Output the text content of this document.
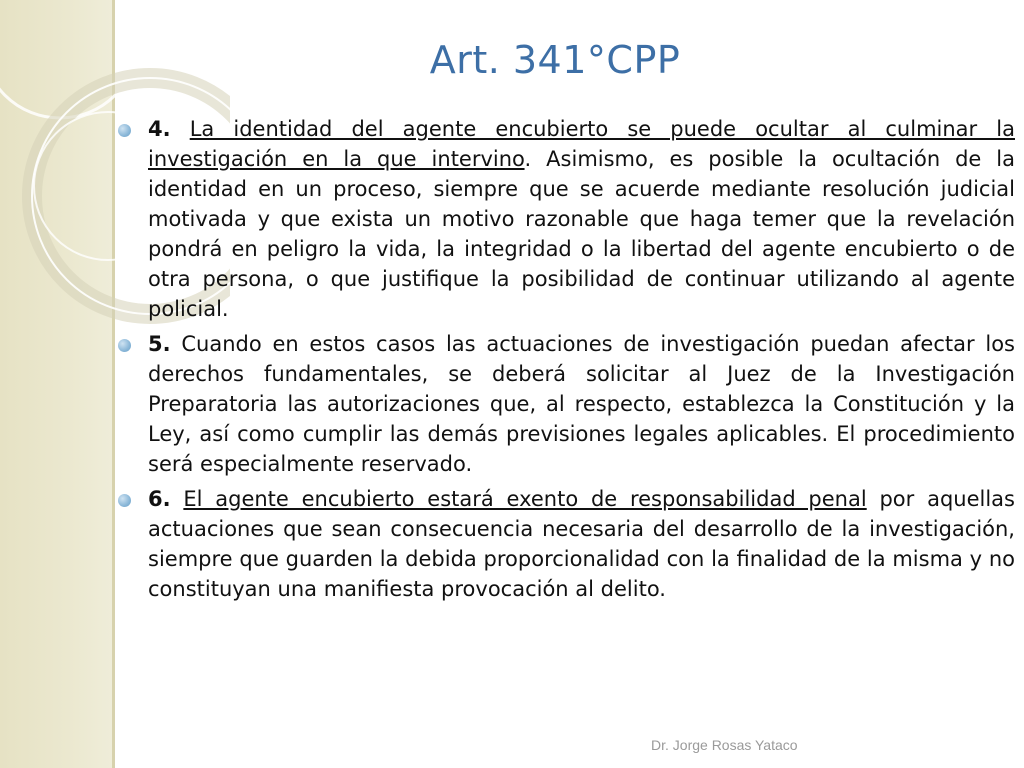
Art. 341°CPP
4. La identidad del agente encubierto se puede ocultar al culminar la investigación en la que intervino. Asimismo, es posible la ocultación de la identidad en un proceso, siempre que se acuerde mediante resolución judicial motivada y que exista un motivo razonable que haga temer que la revelación pondrá en peligro la vida, la integridad o la libertad del agente encubierto o de otra persona, o que justifique la posibilidad de continuar utilizando al agente policial.
5. Cuando en estos casos las actuaciones de investigación puedan afectar los derechos fundamentales, se deberá solicitar al Juez de la Investigación Preparatoria las autorizaciones que, al respecto, establezca la Constitución y la Ley, así como cumplir las demás previsiones legales aplicables. El procedimiento será especialmente reservado.
6. El agente encubierto estará exento de responsabilidad penal por aquellas actuaciones que sean consecuencia necesaria del desarrollo de la investigación, siempre que guarden la debida proporcionalidad con la finalidad de la misma y no constituyan una manifiesta provocación al delito.
Dr. Jorge Rosas Yataco
